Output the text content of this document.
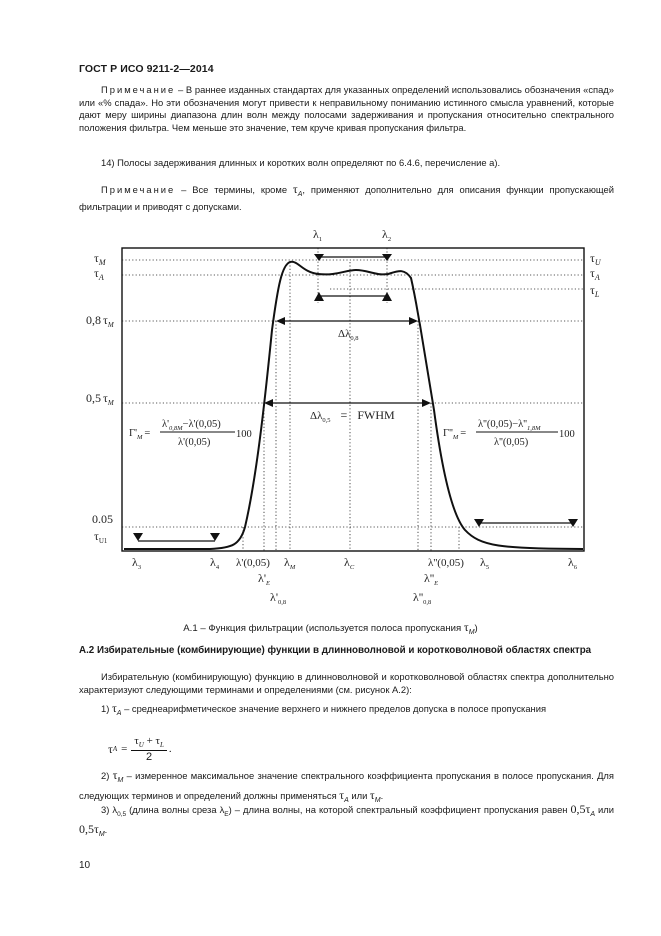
ГОСТ Р ИСО 9211-2—2014
Примечание – В раннее изданных стандартах для указанных определений использовались обозначения «спад» или «% спада». Но эти обозначения могут привести к неправильному пониманию истинного смысла уравнений, которые дают меру ширины диапазона длин волн между полосами задерживания и пропускания относительно спектрального положения фильтра. Чем меньше это значение, тем круче кривая пропускания фильтра.
14) Полосы задерживания длинных и коротких волн определяют по 6.4.6, перечисление a).
Примечание – Все термины, кроме $\tau_A$, применяют дополнительно для описания функции пропускающей фильтрации и приводят с допусками.
$\tau_M$
$\tau_A$
0,8 $\tau_M$
0,5 $\tau_M$
0.05
$\tau_{U1}$
$\tau_U$
$\tau_A$
$\tau_L$
$\lambda_1$	$\lambda_2$
$\Delta\lambda_{0,8}$
$\Delta\lambda_{0,5}$ = FWHM
$\Gamma'_M$ =
$\lambda'_{0,8M}-\lambda'(0,05)$
λ'(0,05)
100	$\Gamma''_M$ =
$\lambda''(0,05)-\lambda''_{1,8M}$
λ''(0,05)
100
$\lambda_3$	$\lambda_4$ λ'(0,05) $\lambda_M$	$\lambda_C$	λ''(0,05) $\lambda_5$	$\lambda_6$
$\lambda'_E$	$\lambda''_E$
$\lambda'_{0,8}$	$\lambda''_{0,8}$
А.1 – Функция фильтрации (используется полоса пропускания $\tau_M$)
А.2 Избирательные (комбинирующие) функции в длинноволновой и коротковолновой областях спектра
Избирательную (комбинирующую) функцию в длинноволновой и коротковолновой областях спектра дополнительно характеризуют следующими терминами и определениями (см. рисунок А.2):
1) $\tau_A$ – среднеарифметическое значение верхнего и нижнего пределов допуска в полосе пропускания
τ $A = \frac{\tau_U + \tau_L}{2}$ .
2) $\tau_M$ – измеренное максимальное значение спектрального коэффициента пропускания в полосе пропускания. Для следующих терминов и определений должны применяться $\tau_A$ или $\tau_M$.
3) $\lambda_{0,5}$ (длина волны среза $\lambda_E$) – длина волны, на которой спектральный коэффициент пропускания равен $0,5\tau_A$ или $0,5\tau_M$.
10
